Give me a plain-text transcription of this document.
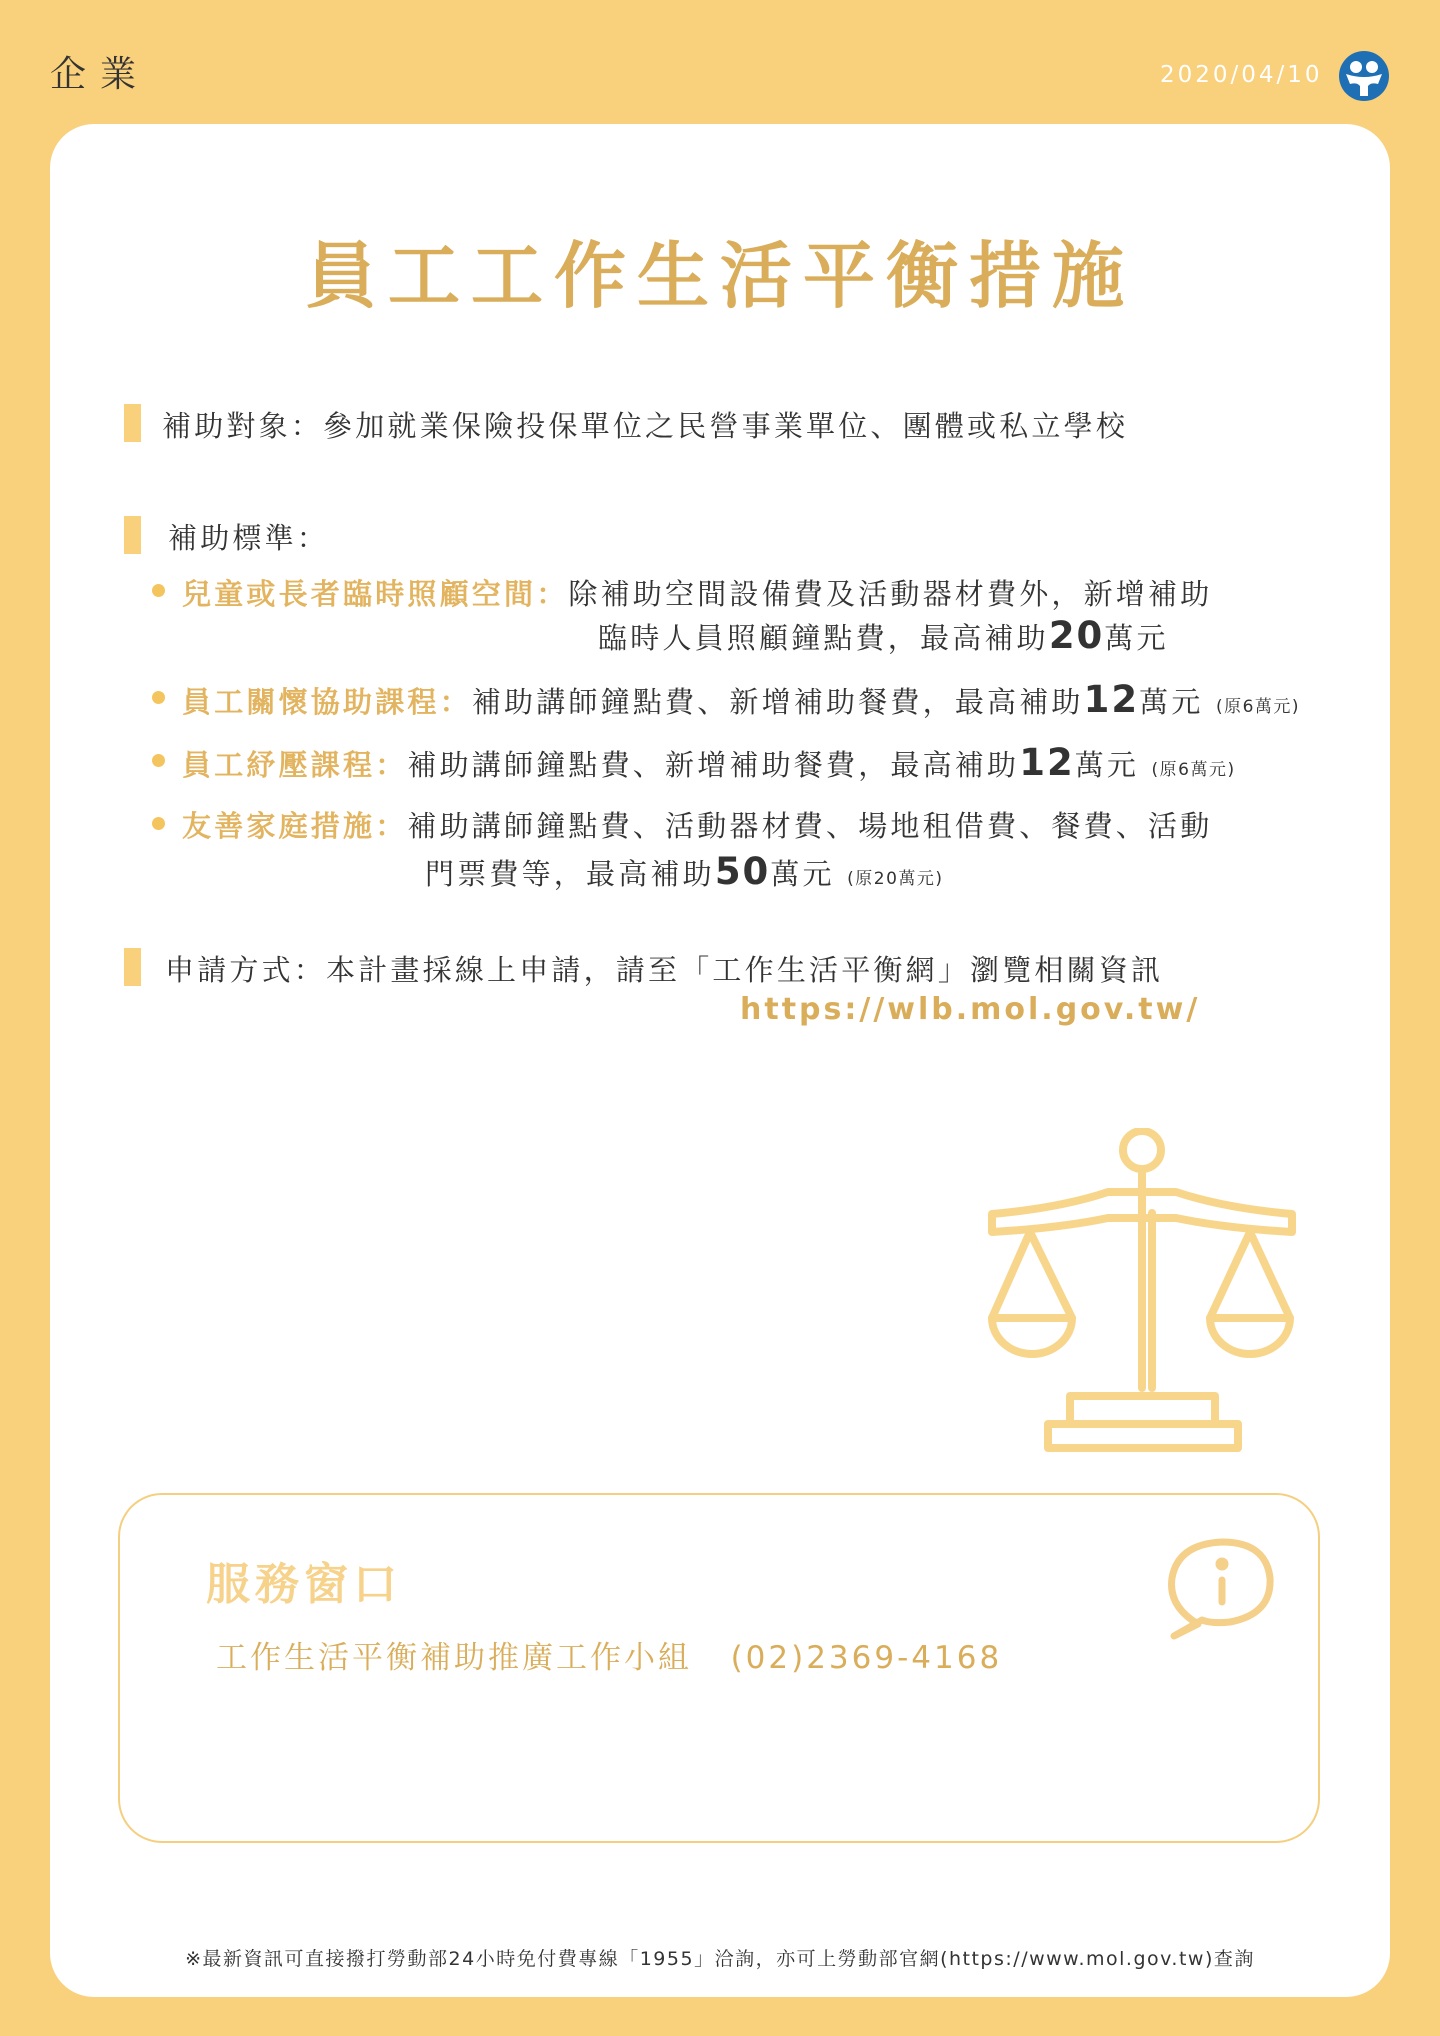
企業	2020/04/10
員工工作生活平衡措施
補助對象：參加就業保險投保單位之民營事業單位、團體或私立學校
補助標準：
兒童或長者臨時照顧空間：除補助空間設備費及活動器材費外，新增補助
臨時人員照顧鐘點費，最高補助20萬元
員工關懷協助課程：補助講師鐘點費、新增補助餐費，最高補助12萬元 (原6萬元)
員工紓壓課程：補助講師鐘點費、新增補助餐費，最高補助12萬元 (原6萬元)
友善家庭措施：補助講師鐘點費、活動器材費、場地租借費、餐費、活動
門票費等，最高補助50萬元 (原20萬元)
申請方式：本計畫採線上申請，請至「工作生活平衡網」瀏覽相關資訊
https://wlb.mol.gov.tw/
服務窗口
工作生活平衡補助推廣工作小組 (02)2369-4168
※最新資訊可直接撥打勞動部24小時免付費專線「1955」洽詢，亦可上勞動部官網(https://www.mol.gov.tw)查詢
